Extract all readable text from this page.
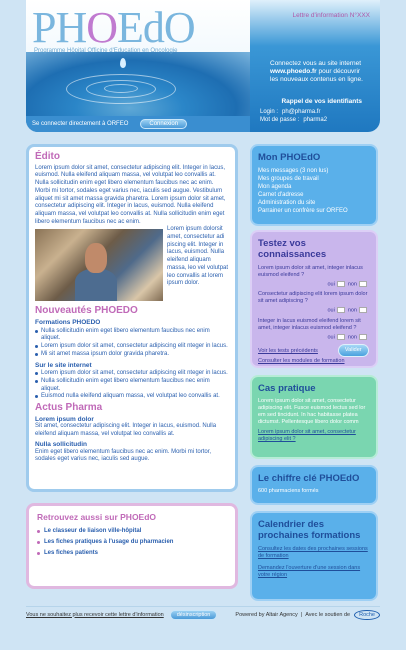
PHOEdO
Programme Hôpital Officine d'Education en Oncologie
Lettre d'information N°XXX
Connectez vous au site internet www.phoedo.fr pour découvrir les nouveaux contenus en ligne.
Rappel de vos identifiants
Login : ph@pharma.fr
Mot de passe : pharma2
Se connecter directement à ORFEO	Connexion
Édito
Lorem ipsum dolor sit amet, consectetur adipiscing elit. Integer in lacus, euismod. Nulla eleifend aliquam massa, vel volutpat leo convallis at. Nulla sollicitudin enim eget libero elementum faucibus nec ac enim. Morbi mi tortor, sodales eget varius nec, iaculis sed augue. Vestibulum aliquet mi sit amet massa gravida pharetra. Lorem ipsum dolor sit amet, consectetur adipiscing elit. Integer in lacus, euismod. Nulla eleifend aliquam massa, vel volutpat leo convallis at. Nulla sollicitudin enim eget libero elementum faucibus nec ac enim.
Lorem ipsum dolorsit amet, consectetur adi piscing elit. Integer in lacus, euismod. Nulla eleifend aliquam massa, leo vel volutpat leo convallis at lorem ipsum dolor.
Nouveautés PHOEDO
Formations PHOEDO
Nulla sollicitudin enim eget libero elementum faucibus nec enim aliquet.
Lorem ipsum dolor sit amet, consectetur adipiscing elit nteger in lacus.
Mi sit amet massa ipsum dolor gravida pharetra.
Sur le site internet
Lorem ipsum dolor sit amet, consectetur adipiscing elit nteger in lacus.
Nulla sollicitudin enim eget libero elementum faucibus nec enim aliquet.
Euismod nulla eleifend aliquam massa, vel volutpat leo convallis at.
Actus Pharma
Lorem ipsum dolor
Sit amet, consectetur adipiscing elit. Integer in lacus, euismod. Nulla eleifend aliquam massa, vel volutpat leo convallis at.
Nulla sollicitudin
Enim eget libero elementum faucibus nec ac enim. Morbi mi tortor, sodales eget varius nec, iaculis sed augue.
Retrouvez aussi sur PHOEdO
Le classeur de liaison ville-hôpital
Les fiches pratiques à l'usage du pharmacien
Les fiches patients
Mon PHOEdO
Mes messages (3 non lus)
Mes groupes de travail
Mon agenda
Carnet d'adresse
Administration du site
Parrainer un confrère sur ORFEO
Testez vos connaissances
Lorem ipsum dolor sit amet, integer inlacus euismod eleifend ?
oui non
Consectetur adipiscing elit lorem ipsum dolor sit amet adipiscing ?
oui non
Integer in lacus euismod eleifend lorem sit amet, integer inlacus euismod eleifend ?
oui non
Voir les tests précédents	Valider
Consulter les modules de formation
Cas pratique

Lorem ipsum dolor sit amet, consectetur adipiscing elit. Fusce euismod lectus sed lor em sed tincidunt. In hac habitasse platea dictumst. Pellentesque libero dolor comm

Lorem ipsum dolor sit amet, consectetur adipiscing elit ?
Le chiffre clé PHOEdO

600 pharmaciens formés

Calendrier des prochaines formations
Consultez les dates des prochaines sessions de formation
Demandez l'ouverture d'une session dans votre région
Vous ne souhaitez plus recevoir cette lettre d'information	désinscription	Powered by Altair Agency | Avec le soutien de	Roche
